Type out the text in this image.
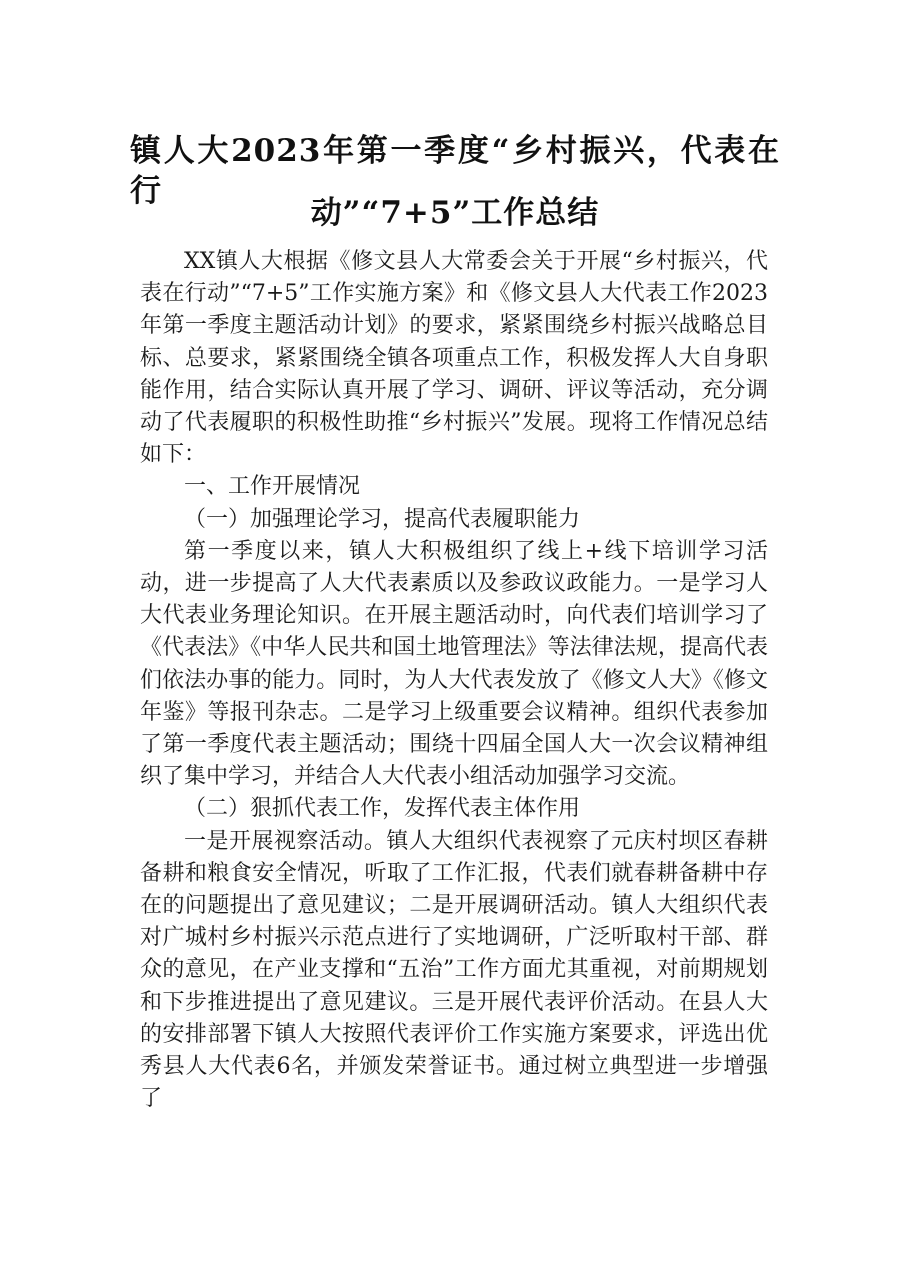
镇人大2023年第一季度“乡村振兴，代表在行
动”“7+5”工作总结

XX镇人大根据《修文县人大常委会关于开展“乡村振兴，代表在行动”“7+5”工作实施方案》和《修文县人大代表工作2023年第一季度主题活动计划》的要求，紧紧围绕乡村振兴战略总目标、总要求，紧紧围绕全镇各项重点工作，积极发挥人大自身职能作用，结合实际认真开展了学习、调研、评议等活动，充分调动了代表履职的积极性助推“乡村振兴”发展。现将工作情况总结如下：

一、工作开展情况

（一）加强理论学习，提高代表履职能力

第一季度以来，镇人大积极组织了线上+线下培训学习活动，进一步提高了人大代表素质以及参政议政能力。一是学习人大代表业务理论知识。在开展主题活动时，向代表们培训学习了《代表法》《中华人民共和国土地管理法》等法律法规，提高代表们依法办事的能力。同时，为人大代表发放了《修文人大》《修文年鉴》等报刊杂志。二是学习上级重要会议精神。组织代表参加了第一季度代表主题活动；围绕十四届全国人大一次会议精神组织了集中学习，并结合人大代表小组活动加强学习交流。

（二）狠抓代表工作，发挥代表主体作用

一是开展视察活动。镇人大组织代表视察了元庆村坝区春耕备耕和粮食安全情况，听取了工作汇报，代表们就春耕备耕中存在的问题提出了意见建议；二是开展调研活动。镇人大组织代表对广城村乡村振兴示范点进行了实地调研，广泛听取村干部、群众的意见，在产业支撑和“五治”工作方面尤其重视，对前期规划和下步推进提出了意见建议。三是开展代表评价活动。在县人大的安排部署下镇人大按照代表评价工作实施方案要求，评选出优秀县人大代表6名，并颁发荣誉证书。通过树立典型进一步增强了
